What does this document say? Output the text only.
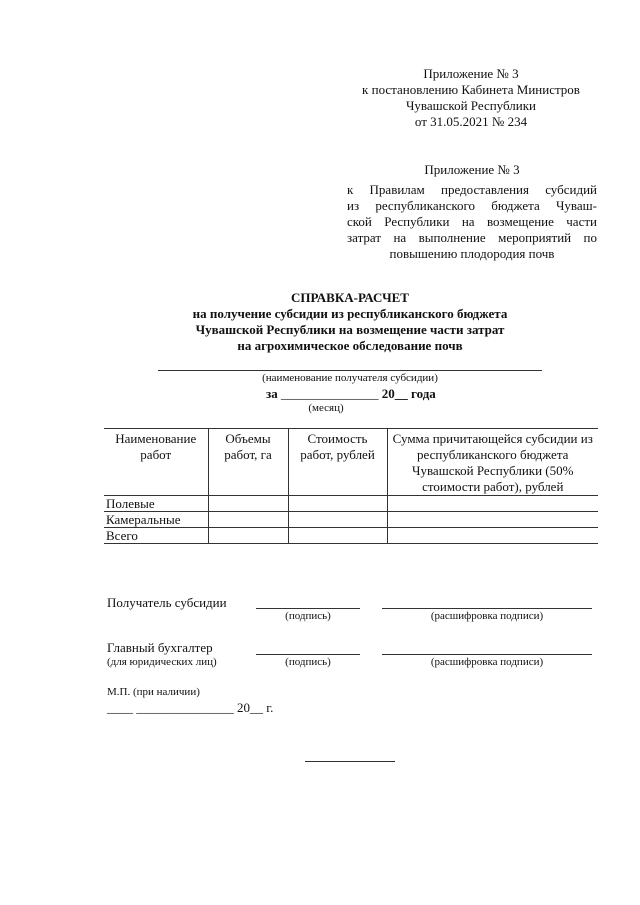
Приложение № 3
к постановлению Кабинета Министров
Чувашской Республики
от 31.05.2021 № 234
Приложение № 3
к Правилам предоставления субсидий
из республиканского бюджета Чуваш-
ской Республики на возмещение части
затрат на выполнение мероприятий по
повышению плодородия почв
СПРАВКА-РАСЧЕТ
на получение субсидии из республиканского бюджета
Чувашской Республики на возмещение части затрат
на агрохимическое обследование почв
(наименование получателя субсидии)
за _______________ 20__ года
(месяц)
Наименование работ	Объемы работ, га	Стоимость работ, рублей	Сумма причитающейся субсидии из республиканского бюджета Чувашской Республики (50% стоимости работ), рублей
Полевые			
Камеральные			
Всего			
Получатель субсидии
(подпись)	(расшифровка подписи)
Главный бухгалтер
(для юридических лиц)	(подпись)	(расшифровка подписи)
М.П. (при наличии)
____ _______________ 20__ г.
